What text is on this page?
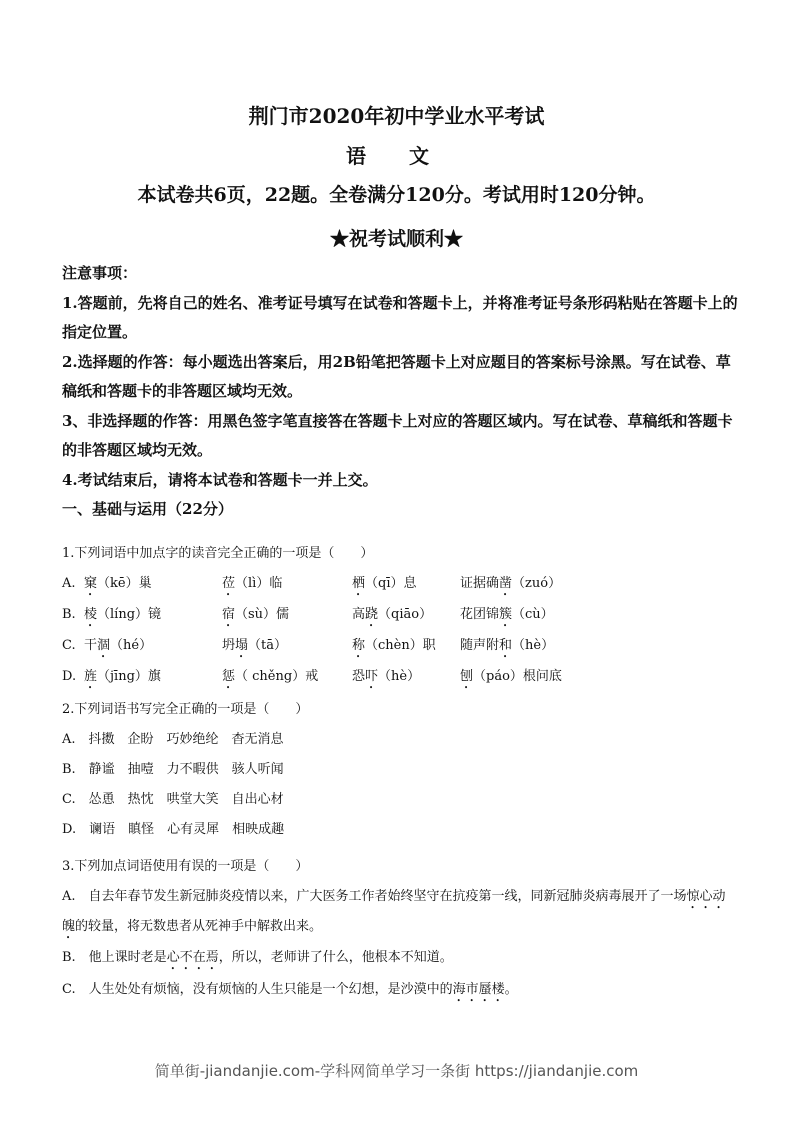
荆门市2020年初中学业水平考试
语 文
本试卷共6页，22题。全卷满分120分。考试用时120分钟。
★祝考试顺利★
注意事项：
1.答题前，先将自己的姓名、准考证号填写在试卷和答题卡上，并将准考证号条形码粘贴在答题卡上的指定位置。
2.选择题的作答：每小题选出答案后，用2B铅笔把答题卡上对应题目的答案标号涂黑。写在试卷、草稿纸和答题卡的非答题区域均无效。
3、非选择题的作答：用黑色签字笔直接答在答题卡上对应的答题区域内。写在试卷、草稿纸和答题卡的非答题区域均无效。
4.考试结束后，请将本试卷和答题卡一并上交。
一、基础与运用（22分）
1.下列词语中加点字的读音完全正确的一项是（　　）
A. 窠（kē）巢	莅（lì）临	栖（qī）息	证据确凿（zuó）
B. 棱（líng）镜	宿（sù）儒	高跷（qiāo） 花团锦簇（cù）
C. 干涸（hé）	坍塌（tā）	称（chèn）职 随声附和（hè）
D. 旌（jīng）旗	惩（ chěng）戒	恐吓（hè）	刨（páo）根问底
2.下列词语书写完全正确的一项是（　　）
A.　抖擞　企盼　巧妙绝纶　杳无消息
B.　静谧　抽噎　力不暇供　骇人听闻
C.　怂恿　热忱　哄堂大笑　自出心材
D.　谰语　瞋怪　心有灵犀　相映成趣
3.下列加点词语使用有误的一项是（　　）
A.　自去年春节发生新冠肺炎疫情以来，广大医务工作者始终坚守在抗疫第一线，同新冠肺炎病毒展开了一场惊心动魄的较量，将无数患者从死神手中解救出来。
B.　他上课时老是心不在焉，所以，老师讲了什么，他根本不知道。
C.　人生处处有烦恼，没有烦恼的人生只能是一个幻想，是沙漠中的海市蜃楼。
简单街-jiandanjie.com-学科网简单学习一条街 https://jiandanjie.com
